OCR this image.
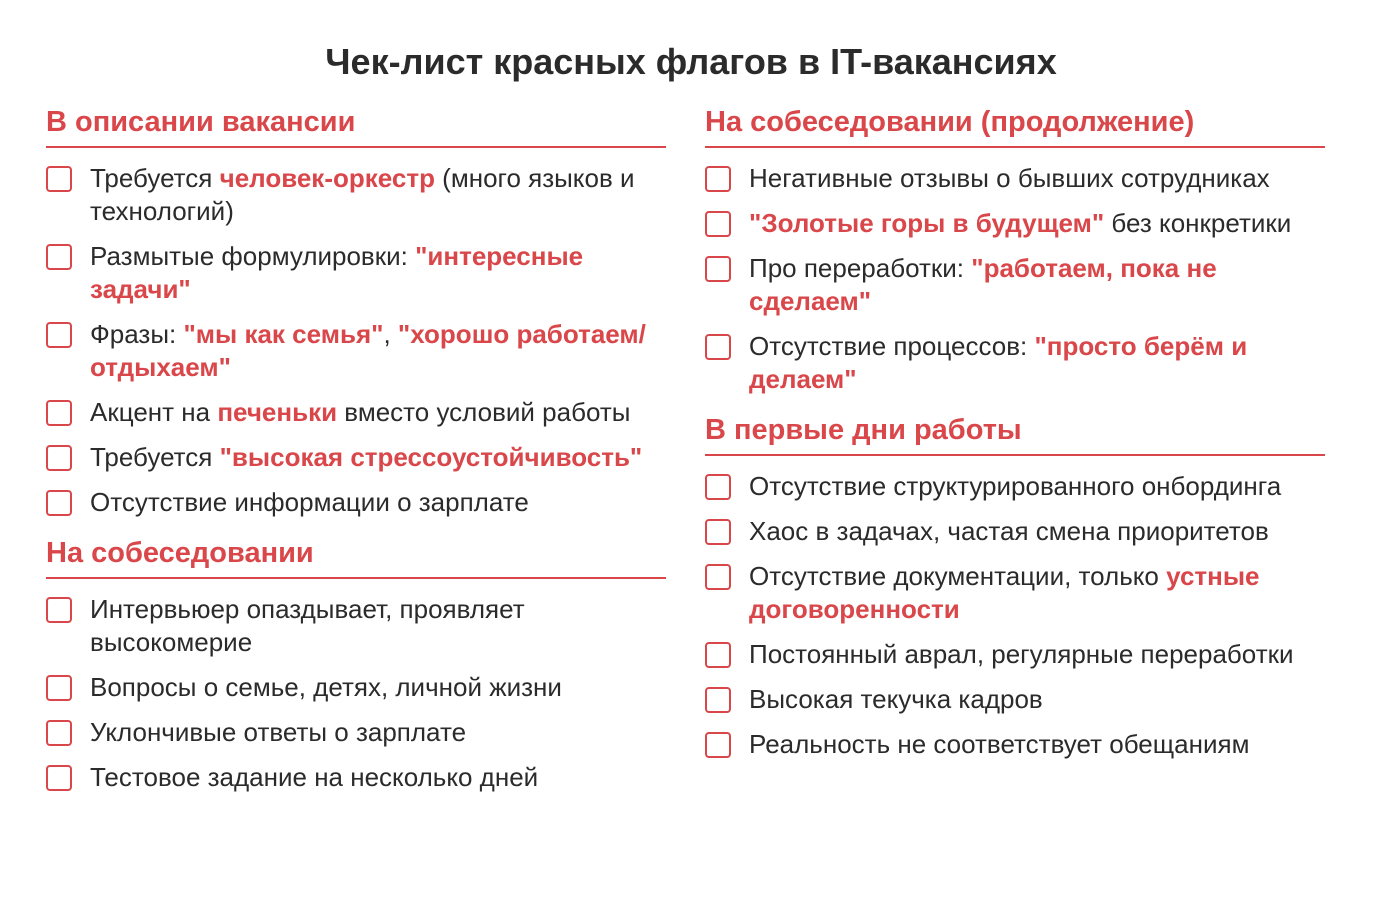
Чек-лист красных флагов в IT-вакансиях
В описании вакансии
Требуется человек-оркестр (много языков и технологий)
Размытые формулировки: "интересные задачи"
Фразы: "мы как семья", "хорошо работаем/отдыхаем"
Акцент на печеньки вместо условий работы
Требуется "высокая стрессоустойчивость"
Отсутствие информации о зарплате
На собеседовании
Интервьюер опаздывает, проявляет высокомерие
Вопросы о семье, детях, личной жизни
Уклончивые ответы о зарплате
Тестовое задание на несколько дней
На собеседовании (продолжение)
Негативные отзывы о бывших сотрудниках
"Золотые горы в будущем" без конкретики
Про переработки: "работаем, пока не сделаем"
Отсутствие процессов: "просто берём и делаем"
В первые дни работы
Отсутствие структурированного онбординга
Хаос в задачах, частая смена приоритетов
Отсутствие документации, только устные договоренности
Постоянный аврал, регулярные переработки
Высокая текучка кадров
Реальность не соответствует обещаниям
